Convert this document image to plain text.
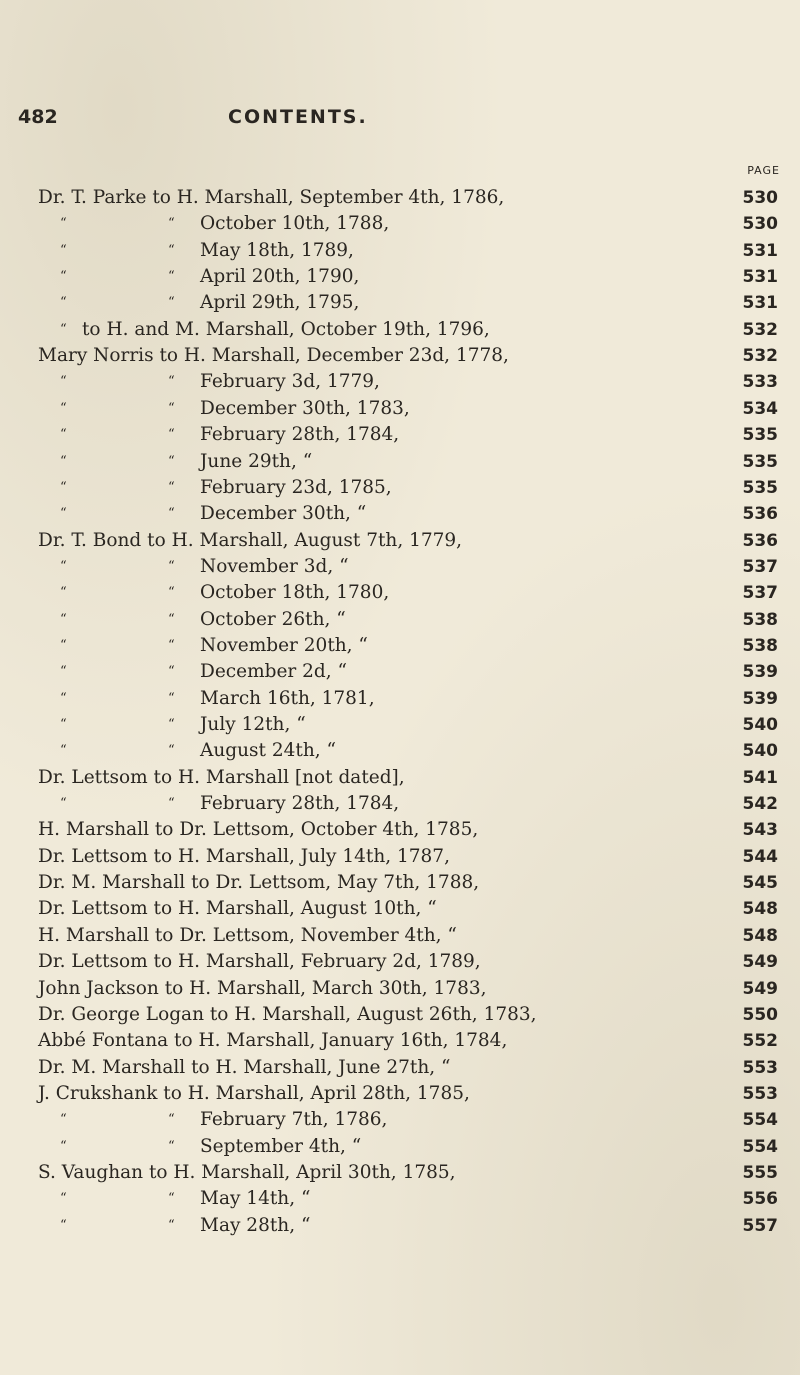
482	CONTENTS.
PAGE
Dr. T. Parke to H. Marshall, September 4th, 1786,	530
“	“ October 10th, 1788,	530
“	“ May 18th, 1789,	531
“	“ April 20th, 1790,	531
“	“ April 29th, 1795,	531
“ to H. and M. Marshall, October 19th, 1796,	532
Mary Norris to H. Marshall, December 23d, 1778,	532
“	“ February 3d, 1779,	533
“	“ December 30th, 1783,	534
“	“ February 28th, 1784,	535
“	“ June 29th, “	535
“	“ February 23d, 1785,	535
“	“ December 30th, “	536
Dr. T. Bond to H. Marshall, August 7th, 1779,	536
“	“ November 3d, “	537
“	“ October 18th, 1780,	537
“	“ October 26th, “	538
“	“ November 20th, “	538
“	“ December 2d, “	539
“	“ March 16th, 1781,	539
“	“ July 12th, “	540
“	“ August 24th, “	540
Dr. Lettsom to H. Marshall [not dated],	541
“	“ February 28th, 1784,	542
H. Marshall to Dr. Lettsom, October 4th, 1785,	543
Dr. Lettsom to H. Marshall, July 14th, 1787,	544
Dr. M. Marshall to Dr. Lettsom, May 7th, 1788,	545
Dr. Lettsom to H. Marshall, August 10th, “	548
H. Marshall to Dr. Lettsom, November 4th, “	548
Dr. Lettsom to H. Marshall, February 2d, 1789,	549
John Jackson to H. Marshall, March 30th, 1783,	549
Dr. George Logan to H. Marshall, August 26th, 1783,	550
Abbé Fontana to H. Marshall, January 16th, 1784,	552
Dr. M. Marshall to H. Marshall, June 27th, “	553
J. Crukshank to H. Marshall, April 28th, 1785,	553
“	“ February 7th, 1786,	554
“	“ September 4th, “	554
S. Vaughan to H. Marshall, April 30th, 1785,	555
“	“ May 14th, “	556
“	“ May 28th, “	557
